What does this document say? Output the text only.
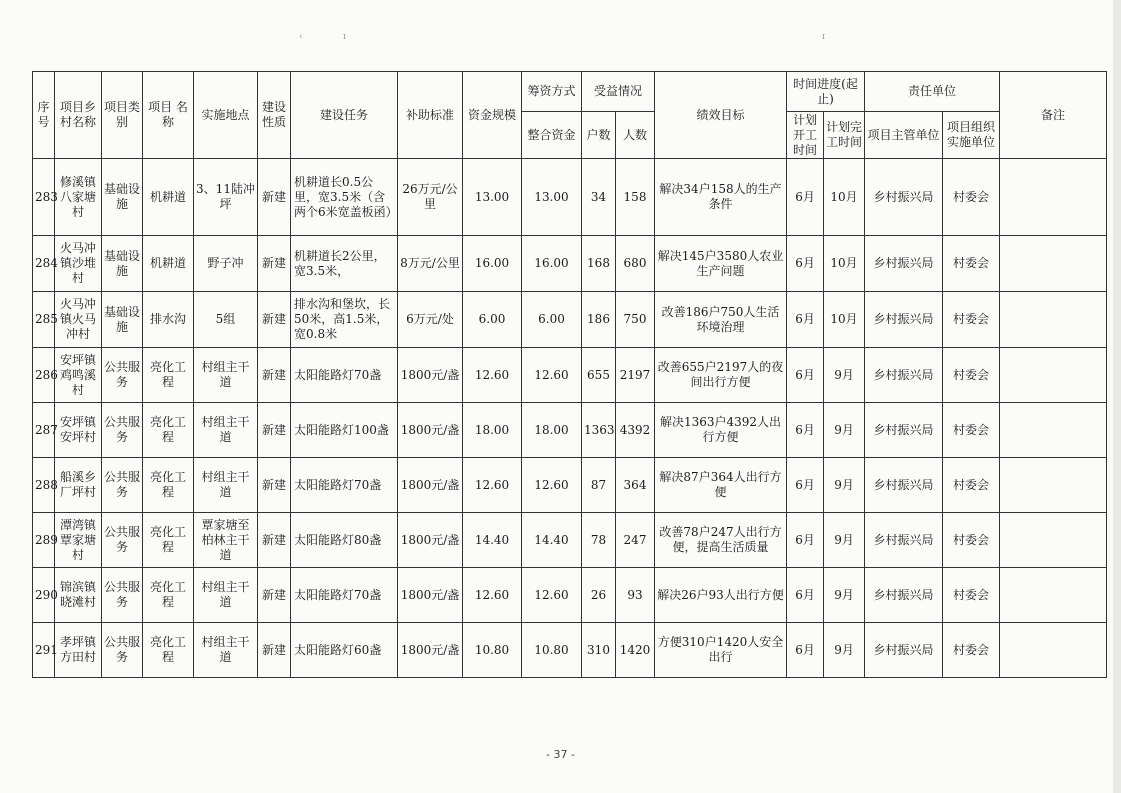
‹	ɪ	ɪ
序号	项目乡村名称	项目类别	项目 名 称	实施地点	建设性质	建设任务	补助标准	资金规模	筹资方式	受益情况		绩效目标	时间进度(起止)		责任单位		备注
									整合资金	户数	人数		计划开工时间	计划完工时间	项目主管单位	项目组织实施单位	
283	修溪镇八家塘村	基础设施	机耕道	3、11陆冲坪	新建	机耕道长0.5公里，宽3.5米（含两个6米宽盖板函）	26万元/公里	13.00	13.00	34	158	解决34户158人的生产条件	6月	10月	乡村振兴局	村委会	
284	火马冲镇沙堆村	基础设施	机耕道	野子冲	新建	机耕道长2公里，宽3.5米，	8万元/公里	16.00	16.00	168	680	解决145户3580人农业生产问题	6月	10月	乡村振兴局	村委会	
285	火马冲镇火马冲村	基础设施	排水沟	5组	新建	排水沟和堡坎，长50米，高1.5米，宽0.8米	6万元/处	6.00	6.00	186	750	改善186户750人生活环境治理	6月	10月	乡村振兴局	村委会	
286	安坪镇鸡鸣溪村	公共服务	亮化工程	村组主干道	新建	太阳能路灯70盏	1800元/盏	12.60	12.60	655	2197	改善655户2197人的夜间出行方便	6月	9月	乡村振兴局	村委会	
287	安坪镇安坪村	公共服务	亮化工程	村组主干道	新建	太阳能路灯100盏	1800元/盏	18.00	18.00	1363	4392	解决1363户4392人出行方便	6月	9月	乡村振兴局	村委会	
288	船溪乡厂坪村	公共服务	亮化工程	村组主干道	新建	太阳能路灯70盏	1800元/盏	12.60	12.60	87	364	解决87户364人出行方便	6月	9月	乡村振兴局	村委会	
289	潭湾镇覃家塘村	公共服务	亮化工程	覃家塘至柏林主干道	新建	太阳能路灯80盏	1800元/盏	14.40	14.40	78	247	改善78户247人出行方便，提高生活质量	6月	9月	乡村振兴局	村委会	
290	锦滨镇晓滩村	公共服务	亮化工程	村组主干道	新建	太阳能路灯70盏	1800元/盏	12.60	12.60	26	93	解决26户93人出行方便	6月	9月	乡村振兴局	村委会	
291	孝坪镇方田村	公共服务	亮化工程	村组主干道	新建	太阳能路灯60盏	1800元/盏	10.80	10.80	310	1420	方便310户1420人安全出行	6月	9月	乡村振兴局	村委会	
- 37 -
